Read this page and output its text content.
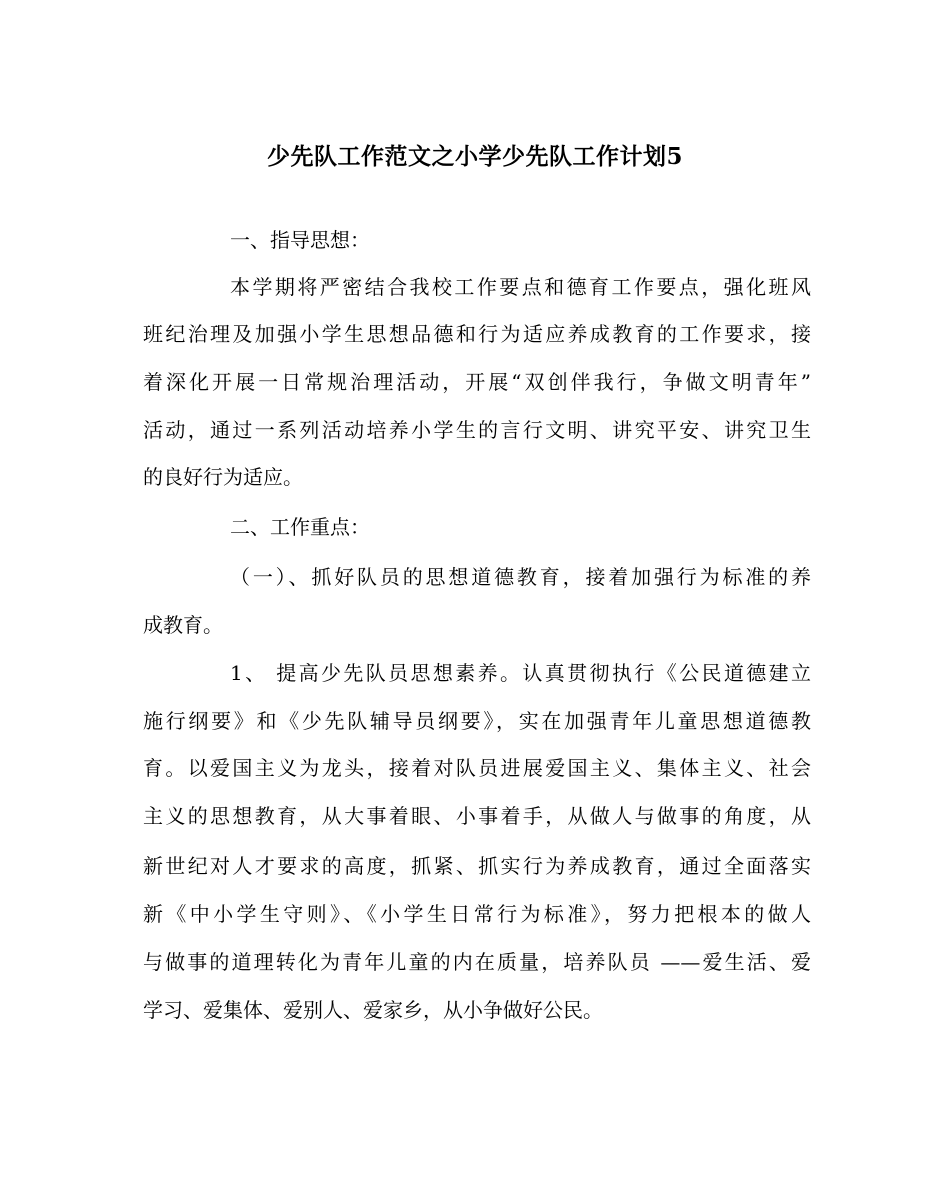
少先队工作范文之小学少先队工作计划5
一、指导思想：
本学期将严密结合我校工作要点和德育工作要点，强化班风
班纪治理及加强小学生思想品德和行为适应养成教育的工作要求，接
着深化开展一日常规治理活动，开展“双创伴我行，争做文明青年”
活动，通过一系列活动培养小学生的言行文明、讲究平安、讲究卫生
的良好行为适应。
二、工作重点：
（一）、抓好队员的思想道德教育，接着加强行为标准的养
成教育。
1、 提高少先队员思想素养。认真贯彻执行《公民道德建立
施行纲要》和《少先队辅导员纲要》，实在加强青年儿童思想道德教
育。以爱国主义为龙头，接着对队员进展爱国主义、集体主义、社会
主义的思想教育，从大事着眼、小事着手，从做人与做事的角度，从
新世纪对人才要求的高度，抓紧、抓实行为养成教育，通过全面落实
新《中小学生守则》、《小学生日常行为标准》，努力把根本的做人
与做事的道理转化为青年儿童的内在质量，培养队员 ——爱生活、爱
学习、爱集体、爱别人、爱家乡，从小争做好公民。
